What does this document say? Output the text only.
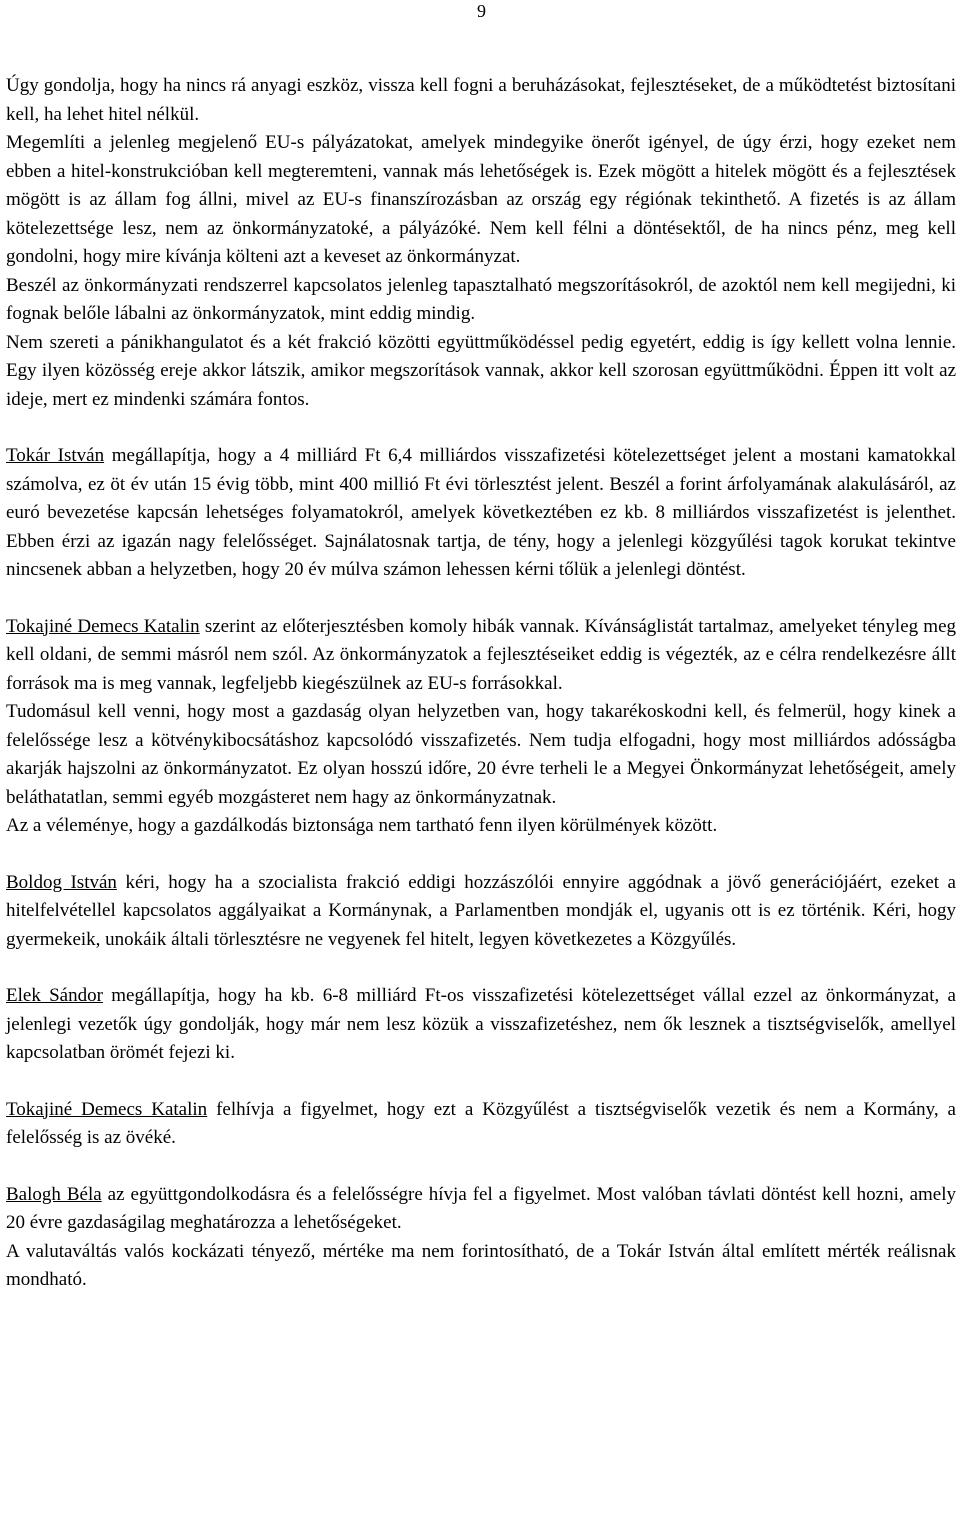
9

Úgy gondolja, hogy ha nincs rá anyagi eszköz, vissza kell fogni a beruházásokat, fejlesztéseket, de a működtetést biztosítani kell, ha lehet hitel nélkül.

Megemlíti a jelenleg megjelenő EU-s pályázatokat, amelyek mindegyike önerőt igényel, de úgy érzi, hogy ezeket nem ebben a hitel-konstrukcióban kell megteremteni, vannak más lehetőségek is. Ezek mögött a hitelek mögött és a fejlesztések mögött is az állam fog állni, mivel az EU-s finanszírozásban az ország egy régiónak tekinthető. A fizetés is az állam kötelezettsége lesz, nem az önkormányzatoké, a pályázóké. Nem kell félni a döntésektől, de ha nincs pénz, meg kell gondolni, hogy mire kívánja költeni azt a keveset az önkormányzat.

Beszél az önkormányzati rendszerrel kapcsolatos jelenleg tapasztalható megszorításokról, de azoktól nem kell megijedni, ki fognak belőle lábalni az önkormányzatok, mint eddig mindig.

Nem szereti a pánikhangulatot és a két frakció közötti együttműködéssel pedig egyetért, eddig is így kellett volna lennie. Egy ilyen közösség ereje akkor látszik, amikor megszorítások vannak, akkor kell szorosan együttműködni. Éppen itt volt az ideje, mert ez mindenki számára fontos.

Tokár István megállapítja, hogy a 4 milliárd Ft 6,4 milliárdos visszafizetési kötelezettséget jelent a mostani kamatokkal számolva, ez öt év után 15 évig több, mint 400 millió Ft évi törlesztést jelent. Beszél a forint árfolyamának alakulásáról, az euró bevezetése kapcsán lehetséges folyamatokról, amelyek következtében ez kb. 8 milliárdos visszafizetést is jelenthet. Ebben érzi az igazán nagy felelősséget. Sajnálatosnak tartja, de tény, hogy a jelenlegi közgyűlési tagok korukat tekintve nincsenek abban a helyzetben, hogy 20 év múlva számon lehessen kérni tőlük a jelenlegi döntést.

Tokajiné Demecs Katalin szerint az előterjesztésben komoly hibák vannak. Kívánságlistát tartalmaz, amelyeket tényleg meg kell oldani, de semmi másról nem szól. Az önkormányzatok a fejlesztéseiket eddig is végezték, az e célra rendelkezésre állt források ma is meg vannak, legfeljebb kiegészülnek az EU-s forrásokkal.

Tudomásul kell venni, hogy most a gazdaság olyan helyzetben van, hogy takarékoskodni kell, és felmerül, hogy kinek a felelőssége lesz a kötvénykibocsátáshoz kapcsolódó visszafizetés. Nem tudja elfogadni, hogy most milliárdos adósságba akarják hajszolni az önkormányzatot. Ez olyan hosszú időre, 20 évre terheli le a Megyei Önkormányzat lehetőségeit, amely beláthatatlan, semmi egyéb mozgásteret nem hagy az önkormányzatnak.

Az a véleménye, hogy a gazdálkodás biztonsága nem tartható fenn ilyen körülmények között.

Boldog István kéri, hogy ha a szocialista frakció eddigi hozzászólói ennyire aggódnak a jövő generációjáért, ezeket a hitelfelvétellel kapcsolatos aggályaikat a Kormánynak, a Parlamentben mondják el, ugyanis ott is ez történik. Kéri, hogy gyermekeik, unokáik általi törlesztésre ne vegyenek fel hitelt, legyen következetes a Közgyűlés.

Elek Sándor megállapítja, hogy ha kb. 6-8 milliárd Ft-os visszafizetési kötelezettséget vállal ezzel az önkormányzat, a jelenlegi vezetők úgy gondolják, hogy már nem lesz közük a visszafizetéshez, nem ők lesznek a tisztségviselők, amellyel kapcsolatban örömét fejezi ki.

Tokajiné Demecs Katalin felhívja a figyelmet, hogy ezt a Közgyűlést a tisztségviselők vezetik és nem a Kormány, a felelősség is az övéké.

Balogh Béla az együttgondolkodásra és a felelősségre hívja fel a figyelmet. Most valóban távlati döntést kell hozni, amely 20 évre gazdaságilag meghatározza a lehetőségeket.

A valutaváltás valós kockázati tényező, mértéke ma nem forintosítható, de a Tokár István által említett mérték reálisnak mondható.
